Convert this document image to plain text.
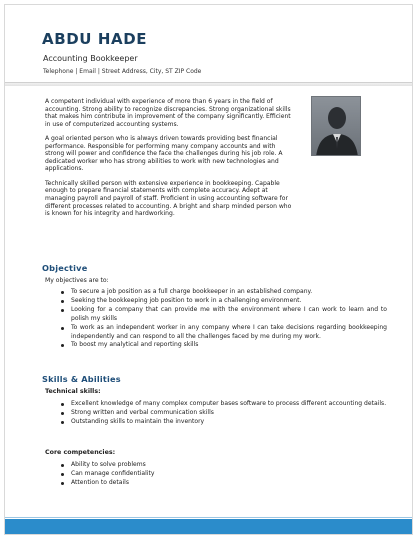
ABDU HADE
Accounting Bookkeeper
Telephone | Email | Street Address, City, ST ZIP Code

A competent individual with experience of more than 6 years in the field of accounting. Strong ability to recognize discrepancies. Strong organizational skills that makes him contribute in improvement of the company significantly. Efficient in use of computerized accounting systems.

A goal oriented person who is always driven towards providing best financial performance. Responsible for performing many company accounts and with strong will power and confidence the face the challenges during his job role. A dedicated worker who has strong abilities to work with new technologies and applications.

Technically skilled person with extensive experience in bookkeeping. Capable enough to prepare financial statements with complete accuracy. Adept at managing payroll and payroll of staff. Proficient in using accounting software for different processes related to accounting. A bright and sharp minded person who is known for his integrity and hardworking.

Objective
My objectives are to:
To secure a job position as a full charge bookkeeper in an established company.
Seeking the bookkeeping job position to work in a challenging environment.
Looking for a company that can provide me with the environment where I can work to learn and to polish my skills
To work as an independent worker in any company where I can take decisions regarding bookkeeping independently and can respond to all the challenges faced by me during my work.
To boost my analytical and reporting skills
Skills & Abilities
Technical skills:
Excellent knowledge of many complex computer bases software to process different accounting details.
Strong written and verbal communication skills
Outstanding skills to maintain the inventory
Core competencies:
Ability to solve problems
Can manage confidentiality
Attention to details
